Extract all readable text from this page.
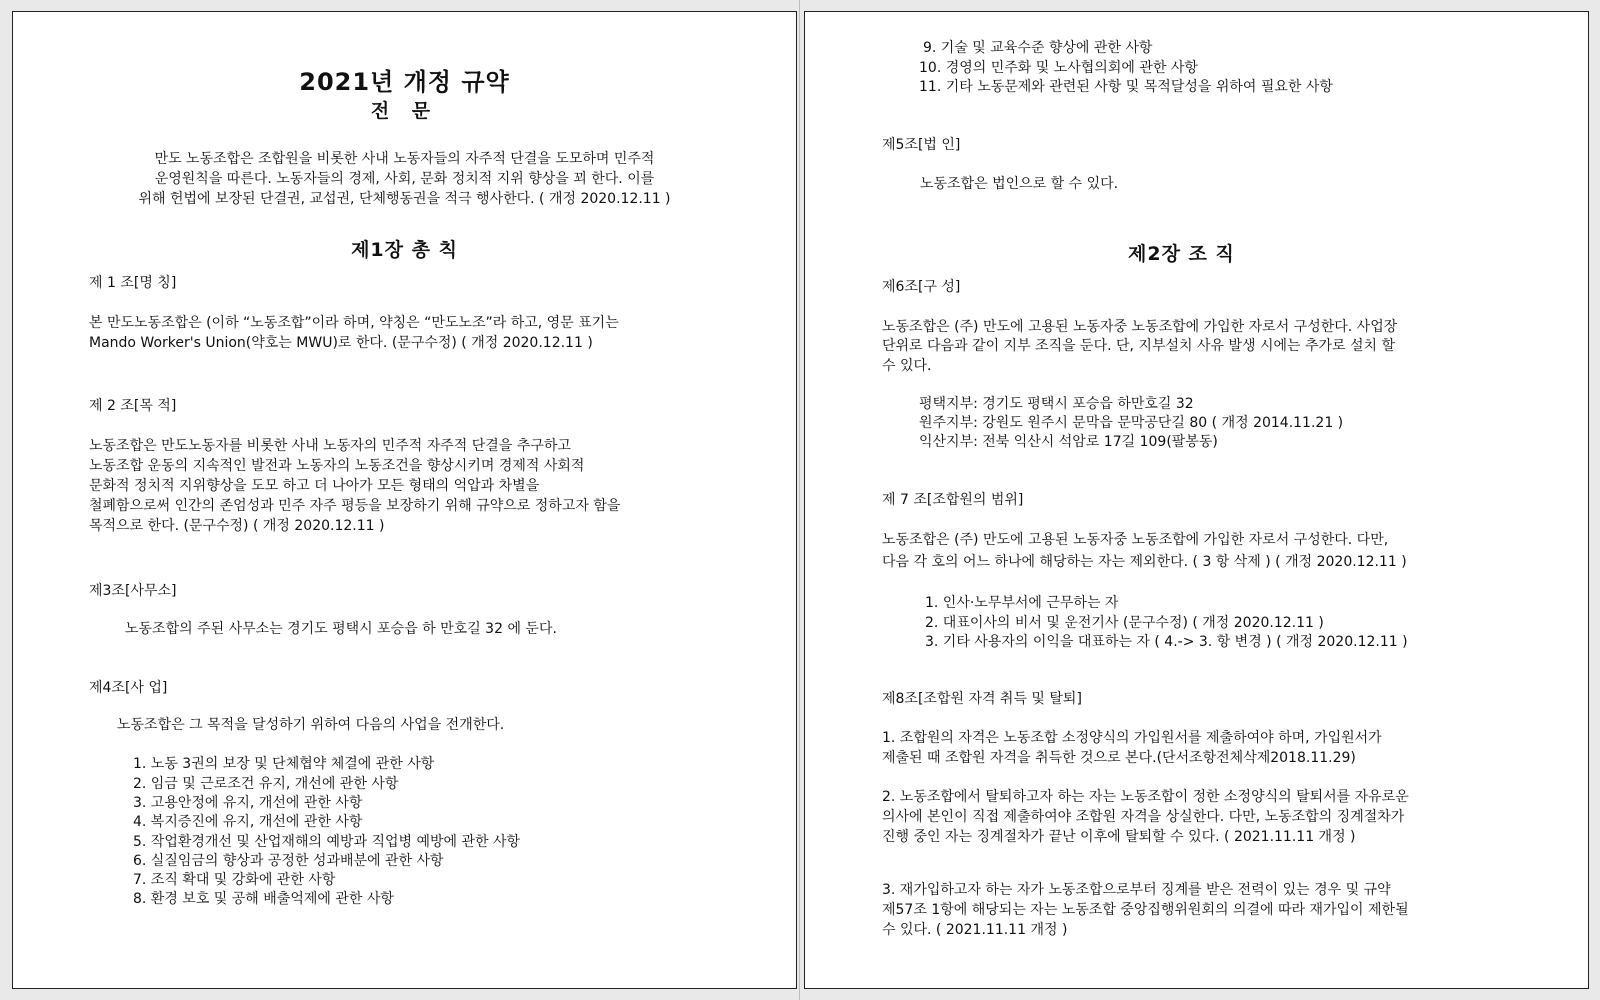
2021년 개정 규약
전 문
만도 노동조합은 조합원을 비롯한 사내 노동자들의 자주적 단결을 도모하며 민주적
운영원칙을 따른다. 노동자들의 경제, 사회, 문화 정치적 지위 향상을 꾀 한다. 이를
위해 헌법에 보장된 단결권, 교섭권, 단체행동권을 적극 행사한다. ( 개정 2020.12.11 )
제1장 총 칙
제 1 조[명 칭]
본 만도노동조합은 (이하 “노동조합”이라 하며, 약칭은 “만도노조”라 하고, 영문 표기는
Mando Worker's Union(약호는 MWU)로 한다. (문구수정) ( 개정 2020.12.11 )
제 2 조[목 적]
노동조합은 만도노동자를 비롯한 사내 노동자의 민주적 자주적 단결을 추구하고
노동조합 운동의 지속적인 발전과 노동자의 노동조건을 향상시키며 경제적 사회적
문화적 정치적 지위향상을 도모 하고 더 나아가 모든 형태의 억압과 차별을
철폐함으로써 인간의 존엄성과 민주 자주 평등을 보장하기 위해 규약으로 정하고자 함을
목적으로 한다. (문구수정) ( 개정 2020.12.11 )
제3조[사무소]
노동조합의 주된 사무소는 경기도 평택시 포승읍 하 만호길 32 에 둔다.
제4조[사 업]
노동조합은 그 목적을 달성하기 위하여 다음의 사업을 전개한다.
1. 노동 3권의 보장 및 단체협약 체결에 관한 사항
2. 임금 및 근로조건 유지, 개선에 관한 사항
3. 고용안정에 유지, 개선에 관한 사항
4. 복지증진에 유지, 개선에 관한 사항
5. 작업환경개선 및 산업재해의 예방과 직업병 예방에 관한 사항
6. 실질임금의 향상과 공정한 성과배분에 관한 사항
7. 조직 확대 및 강화에 관한 사항
8. 환경 보호 및 공해 배출억제에 관한 사항
9. 기술 및 교육수준 향상에 관한 사항
10. 경영의 민주화 및 노사협의회에 관한 사항
11. 기타 노동문제와 관련된 사항 및 목적달성을 위하여 필요한 사항
제5조[법 인]
노동조합은 법인으로 할 수 있다.
제2장 조 직
제6조[구 성]
노동조합은 (주) 만도에 고용된 노동자중 노동조합에 가입한 자로서 구성한다. 사업장
단위로 다음과 같이 지부 조직을 둔다. 단, 지부설치 사유 발생 시에는 추가로 설치 할
수 있다.
평택지부: 경기도 평택시 포승읍 하만호길 32
원주지부: 강원도 원주시 문막읍 문막공단길 80 ( 개정 2014.11.21 )
익산지부: 전북 익산시 석암로 17길 109(팔봉동)
제 7 조[조합원의 범위]
노동조합은 (주) 만도에 고용된 노동자중 노동조합에 가입한 자로서 구성한다. 다만,
다음 각 호의 어느 하나에 해당하는 자는 제외한다. ( 3 항 삭제 ) ( 개정 2020.12.11 )
1. 인사·노무부서에 근무하는 자
2. 대표이사의 비서 및 운전기사 (문구수정) ( 개정 2020.12.11 )
3. 기타 사용자의 이익을 대표하는 자 ( 4.-> 3. 항 변경 ) ( 개정 2020.12.11 )
제8조[조합원 자격 취득 및 탈퇴]
1. 조합원의 자격은 노동조합 소정양식의 가입원서를 제출하여야 하며, 가입원서가
제출된 때 조합원 자격을 취득한 것으로 본다.(단서조항전체삭제2018.11.29)
2. 노동조합에서 탈퇴하고자 하는 자는 노동조합이 정한 소정양식의 탈퇴서를 자유로운
의사에 본인이 직접 제출하여야 조합원 자격을 상실한다. 다만, 노동조합의 징계절차가
진행 중인 자는 징계절차가 끝난 이후에 탈퇴할 수 있다. ( 2021.11.11 개정 )
3. 재가입하고자 하는 자가 노동조합으로부터 징계를 받은 전력이 있는 경우 및 규약
제57조 1항에 해당되는 자는 노동조합 중앙집행위원회의 의결에 따라 재가입이 제한될
수 있다. ( 2021.11.11 개정 )
